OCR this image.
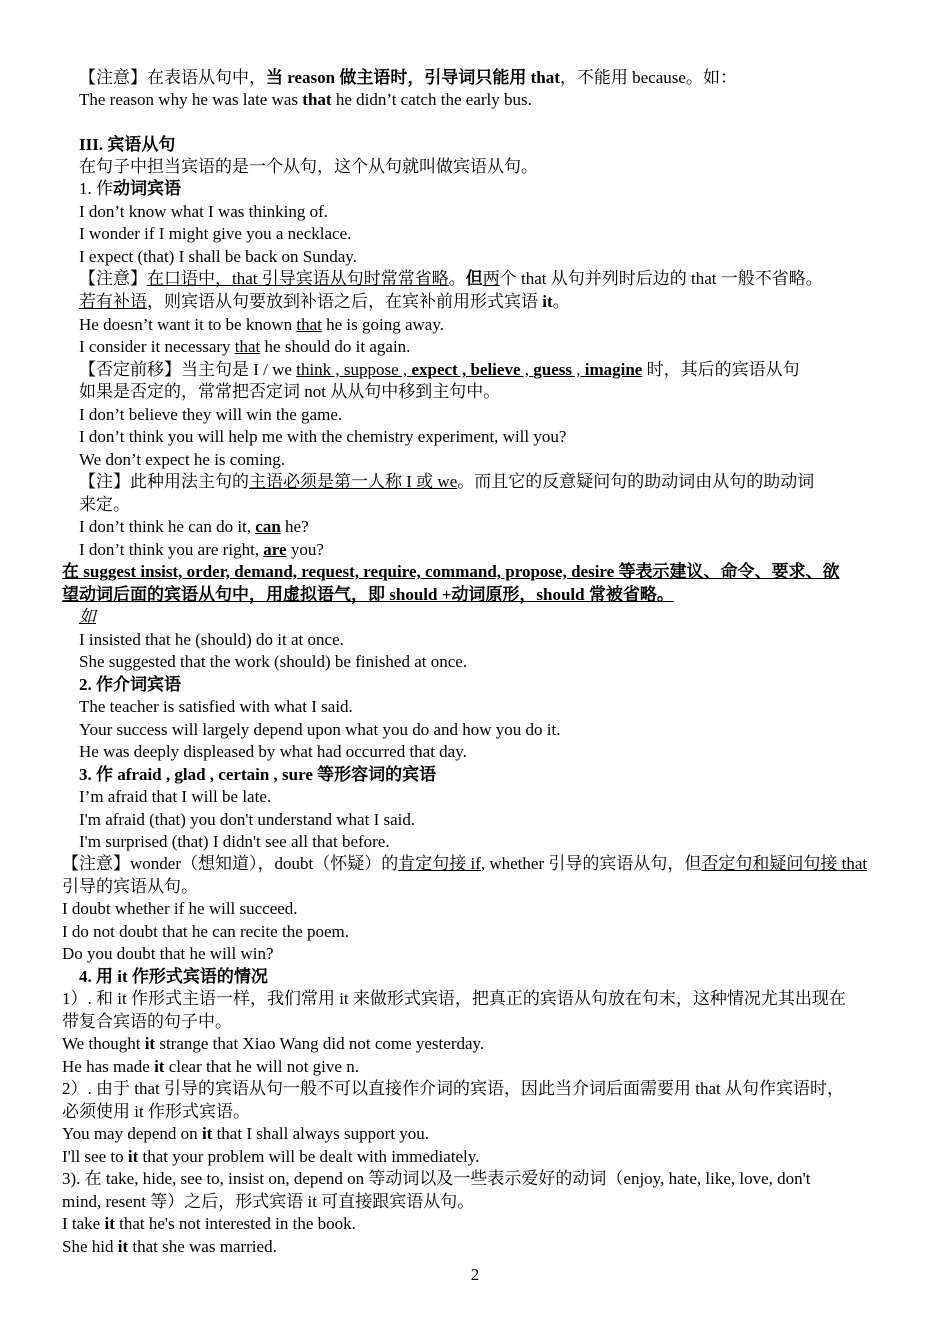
2
【注意】在表语从句中，当 reason 做主语时，引导词只能用 that，不能用 because。如：
The reason why he was late was that he didn’t catch the early bus.
III. 宾语从句
在句子中担当宾语的是一个从句，这个从句就叫做宾语从句。
1. 作动词宾语
I don’t know what I was thinking of.
I wonder if I might give you a necklace.
I expect (that) I shall be back on Sunday.
【注意】在口语中，that 引导宾语从句时常常省略。但两个 that 从句并列时后边的 that 一般不省略。
若有补语，则宾语从句要放到补语之后，在宾补前用形式宾语 it。
He doesn’t want it to be known that he is going away.
I consider it necessary that he should do it again.
【否定前移】当主句是 I / we think , suppose , expect , believe , guess , imagine 时，其后的宾语从句
如果是否定的，常常把否定词 not 从从句中移到主句中。
I don’t believe they will win the game.
I don’t think you will help me with the chemistry experiment, will you?
We don’t expect he is coming.
【注】此种用法主句的主语必须是第一人称 I 或 we。而且它的反意疑问句的助动词由从句的助动词
来定。
I don’t think he can do it, can he?
I don’t think you are right, are you?
在 suggest insist, order, demand, request, require, command, propose, desire 等表示建议、命令、要求、欲
望动词后面的宾语从句中，用虚拟语气，即 should +动词原形，should 常被省略。
如
I insisted that he (should) do it at once.
She suggested that the work (should) be finished at once.
2. 作介词宾语
The teacher is satisfied with what I said.
Your success will largely depend upon what you do and how you do it.
He was deeply displeased by what had occurred that day.
3. 作 afraid , glad , certain , sure 等形容词的宾语
I’m afraid that I will be late.
I'm afraid (that) you don't understand what I said.
I'm surprised (that) I didn't see all that before.
【注意】wonder（想知道），doubt（怀疑）的肯定句接 if, whether 引导的宾语从句，但否定句和疑问句接 that
引导的宾语从句。
I doubt whether if he will succeed.
I do not doubt that he can recite the poem.
Do you doubt that he will win?
4. 用 it 作形式宾语的情况
1）. 和 it 作形式主语一样，我们常用 it 来做形式宾语，把真正的宾语从句放在句末，这种情况尤其出现在
带复合宾语的句子中。
We thought it strange that Xiao Wang did not come yesterday.
He has made it clear that he will not give n.
2）. 由于 that 引导的宾语从句一般不可以直接作介词的宾语，因此当介词后面需要用 that 从句作宾语时，
必须使用 it 作形式宾语。
You may depend on it that I shall always support you.
I'll see to it that your problem will be dealt with immediately.
3). 在 take, hide, see to, insist on, depend on 等动词以及一些表示爱好的动词（enjoy, hate, like, love, don't
mind, resent 等）之后，形式宾语 it 可直接跟宾语从句。
I take it that he's not interested in the book.
She hid it that she was married.
